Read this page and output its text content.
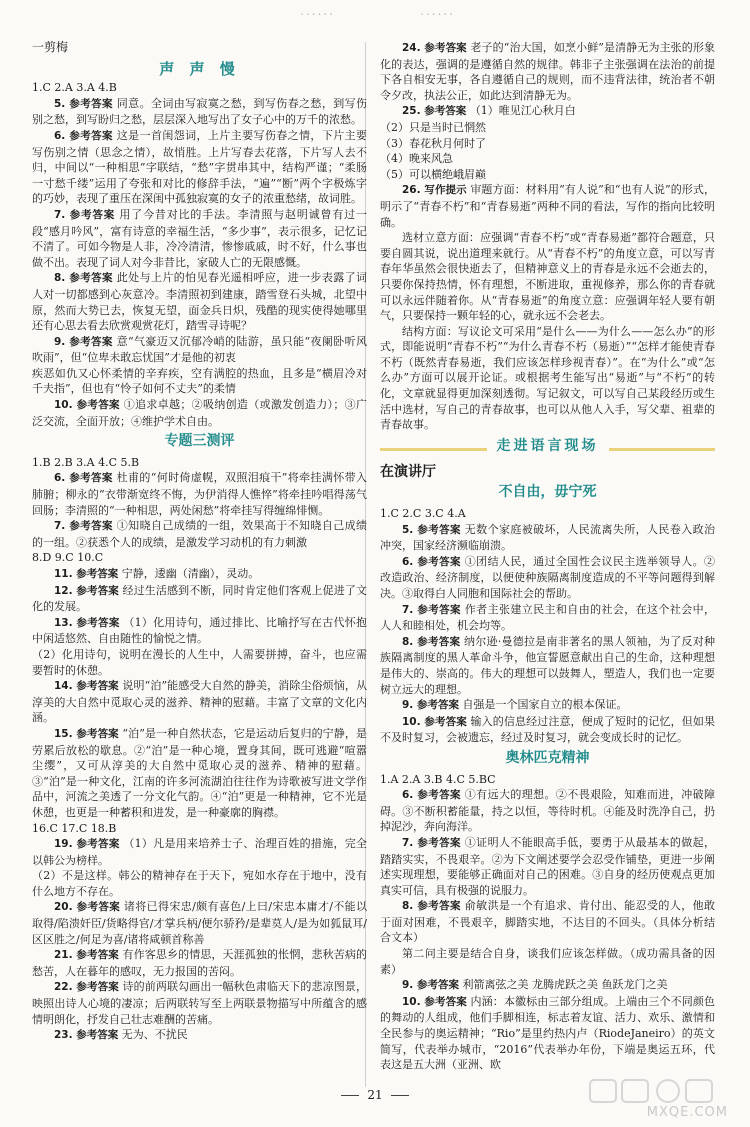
......	......
一剪梅
声 声 慢

1.C 2.A 3.A 4.B

5. 参考答案 同意。全词由写寂寞之愁，到写伤春之愁，到写伤别之愁，到写盼归之愁，层层深入地写出了女子心中的万千的浓愁。

6. 参考答案 这是一首闺怨词，上片主要写伤春之情，下片主要写伤别之情（思念之情），故悄胜。上片写春去花落，下片写人去不归，中间以“一种相思”字联结，“愁”字贯串其中，结构严谨；“柔肠一寸愁千缕”运用了夸张和对比的修辞手法，“遍”“断”两个字极炼字的巧妙，表现了重压在深闺中孤独寂寞的女子的浓重愁绪，故词胜。

7. 参考答案 用了今昔对比的手法。李清照与赵明诚曾有过一段“感月吟风”，富有诗意的幸福生活，“多少事”，表示很多，记忆记不清了。可如今物是人非，冷冷清清，惨惨戚戚，时不好，什么事也做不出。表现了词人对今非昔比，家破人亡的无限感慨。

8. 参考答案 此处与上片的怕见春光遥相呼应，进一步表露了词人对一切都感到心灰意冷。李清照初到建康，踏雪登石头城，北望中原，然而大势已去，恢复无望，面金兵日炽，残酷的现实使得她哪里还有心思去看去欣赏观赏花灯，踏雪寻诗呢？

9. 参考答案 意“气豪迈又沉郁冷峭的陆游，虽只能“夜阑卧听风吹雨”，但“位卑未敢忘忧国”才是他的初衷

疾恶如仇又心怀柔情的辛弃疾，空有满腔的热血，且多是“横眉冷对千夫指”，但也有“怜子如何不丈夫”的柔情

10. 参考答案 ①追求卓越；②吸纳创造（或激发创造力）；③广泛交流，全面开放；④维护学术自由。

专题三测评

1.B 2.B 3.A 4.C 5.B

6. 参考答案 杜甫的“何时倚虚幌，双照泪痕干”将牵挂满怀带入肺腑；柳永的“衣带渐宽终不悔，为伊消得人憔悴”将牵挂吟唱得荡气回肠；李清照的“一种相思，两处闲愁”将牵挂写得缠绵悱恻。

7. 参考答案 ①知晓自己成绩的一组，效果高于不知晓自己成绩的一组。②获悉个人的成绩，是激发学习动机的有力刺激

8.D 9.C 10.C

11. 参考答案 宁静，逶幽（清幽），灵动。

12. 参考答案 经过生活感到不断，同时肯定他们客观上促进了文化的发展。

13. 参考答案 （1）化用诗句，通过排比、比喻抒写在古代怀抱中闲适悠然、自由随性的愉悦之情。

（2）化用诗句，说明在漫长的人生中，人需要拼搏，奋斗，也应需要暂时的休憩。

14. 参考答案 说明“泊”能感受大自然的静美，消除尘俗烦恼，从淳美的大自然中觅取心灵的滋养、精神的慰藉。丰富了文章的文化内涵。

15. 参考答案 “泊”是一种自然状态，它是运动后复归的宁静，是劳累后放松的歇息。②“泊”是一种心境，置身其间，既可逃避“喧嚣尘缨”，又可从淳美的大自然中觅取心灵的滋养、精神的慰藉。③“泊”是一种文化，江南的许多河流湖泊往往作为诗歌被写进文学作品中，河流之美透了一分文化气韵。④“泊”更是一种精神，它不光是休憩，也更是一种蓄积和进发，是一种豪廓的胸襟。

16.C 17.C 18.B

19. 参考答案 （1）凡是用来培养士子、治理百姓的措施，完全以韩公为榜样。

（2）不是这样。韩公的精神存在于天下，宛如水存在于地中，没有什么地方不存在。

20. 参考答案 诸将已得宋忠/颇有喜色/上曰/宋忠本庸才/不能以取得/陷溃奸臣/货略得官/才掌兵柄/便尔骄矜/是辈莫人/是为如狐鼠耳/区区胜之/何足为喜/诸将咸顿首称善

21. 参考答案 有作客思乡的情思，天涯孤独的怅惘，悲秋苦病的愁苦，人在暮年的感叹，无力报国的苦闷。

22. 参考答案 诗的前两联勾画出一幅秋色肃临天下的悲凉图景，映照出诗人心境的凄凉；后两联转写至上两联景物描写中所蕴含的感情明朗化，抒发自己壮志难酬的苦痛。

23. 参考答案 无为、不扰民

24. 参考答案 老子的“治大国，如烹小鲜”是清静无为主张的形象化的表达，强调的是遵循自然的规律。韩非子主张强调在法治的前提下各自相安无事，各自遵循自己的规则，而不违背法律，统治者不朝令夕改，执法公正，如此达到清静无为。

25. 参考答案 （1）唯见江心秋月白

（2）只是当时已惘然

（3）春花秋月何时了

（4）晚来风急

（5）可以横绝峨眉巅

26. 写作提示 审题方面：材料用“有人说”和“也有人说”的形式，明示了“青春不朽”和“青春易逝”两种不同的看法，写作的指向比较明确。

选材立意方面：应强调“青春不朽”或“青春易逝”都符合题意，只要自圆其说，说出道理来就行。从“青春不朽”的角度立意，可以写青春年华虽然会很快逝去了，但精神意义上的青春是永远不会逝去的，只要你保持热情，怀有理想，不断进取，重视修养，那么你的青春就可以永远伴随着你。从“青春易逝”的角度立意：应强调年轻人要有朝气，只要保持一颗年轻的心，就永远不会老去。

结构方面：写议论文可采用“是什么——为什么——怎么办”的形式，即能说明“青春不朽”“为什么青春不朽（易逝）”“怎样才能使青春不朽（既然青春易逝，我们应该怎样珍视青春）”。在“为什么”或“怎么办”方面可以展开论证。或根据考生能写出“易逝”与“不朽”的转化，文章就显得更加深刻透彻。写记叙文，可以写自己某段经历或生活中选材，写自己的青春故事，也可以从他人入手，写父辈、祖辈的青春故事。

走进语言现场
在演讲厅
不自由，毋宁死

1.C 2.C 3.C 4.A

5. 参考答案 无数个家庭被破坏，人民流离失所，人民卷入政治冲突，国家经济濒临崩溃。

6. 参考答案 ①团结人民，通过全国性会议民主选举领导人。②改造政治、经济制度，以便使种族隔离制度造成的不平等问题得到解决。③取得白人同胞和国际社会的帮助。

7. 参考答案 作者主张建立民主和自由的社会，在这个社会中，人人和睦相处，机会均等。

8. 参考答案 纳尔逊·曼德拉是南非著名的黑人领袖，为了反对种族隔离制度的黑人革命斗争，他宣誓愿意献出自己的生命，这种理想是伟大的、崇高的。伟大的理想可以鼓舞人，塑造人，我们也一定要树立远大的理想。

9. 参考答案 自强是一个国家自立的根本保证。

10. 参考答案 输入的信息经过注意，便成了短时的记忆，但如果不及时复习，会被遗忘，经过及时复习，就会变成长时的记忆。

奥林匹克精神

1.A 2.A 3.B 4.C 5.BC

6. 参考答案 ①有远大的理想。②不畏艰险，知难而进，冲破障碍。③不断积蓄能量，持之以恒，等待时机。④能及时洗净自己，扔掉泥沙，奔向海洋。

7. 参考答案 ①证明人不能眼高手低，要勇于从最基本的做起，踏踏实实，不畏艰辛。②为下文阐述要学会忍受作铺垫，更进一步阐述实现理想，要能够正确面对自己的困难。③自身的经历使观点更加真实可信，具有极强的说服力。

8. 参考答案 俞敏洪是一个有追求、肯付出、能忍受的人，他敢于面对困难，不畏艰辛，脚踏实地，不达目的不回头。（具体分析结合文本）

第二问主要是结合自身，谈我们应该怎样做。（成功需具备的因素）

9. 参考答案 利箭离弦之美 龙腾虎跃之美 鱼跃龙门之美

10. 参考答案 内涵：本徽标由三部分组成。上端由三个不同颜色的舞动的人组成，他们手脚相连，标志着友谊、活力、欢乐、激情和全民参与的奥运精神；“Rio”是里约热内卢（RiodeJaneiro）的英文简写，代表举办城市，“2016”代表举办年份，下端是奥运五环，代表这是五大洲（亚洲、欧

21
MXQE.COM
